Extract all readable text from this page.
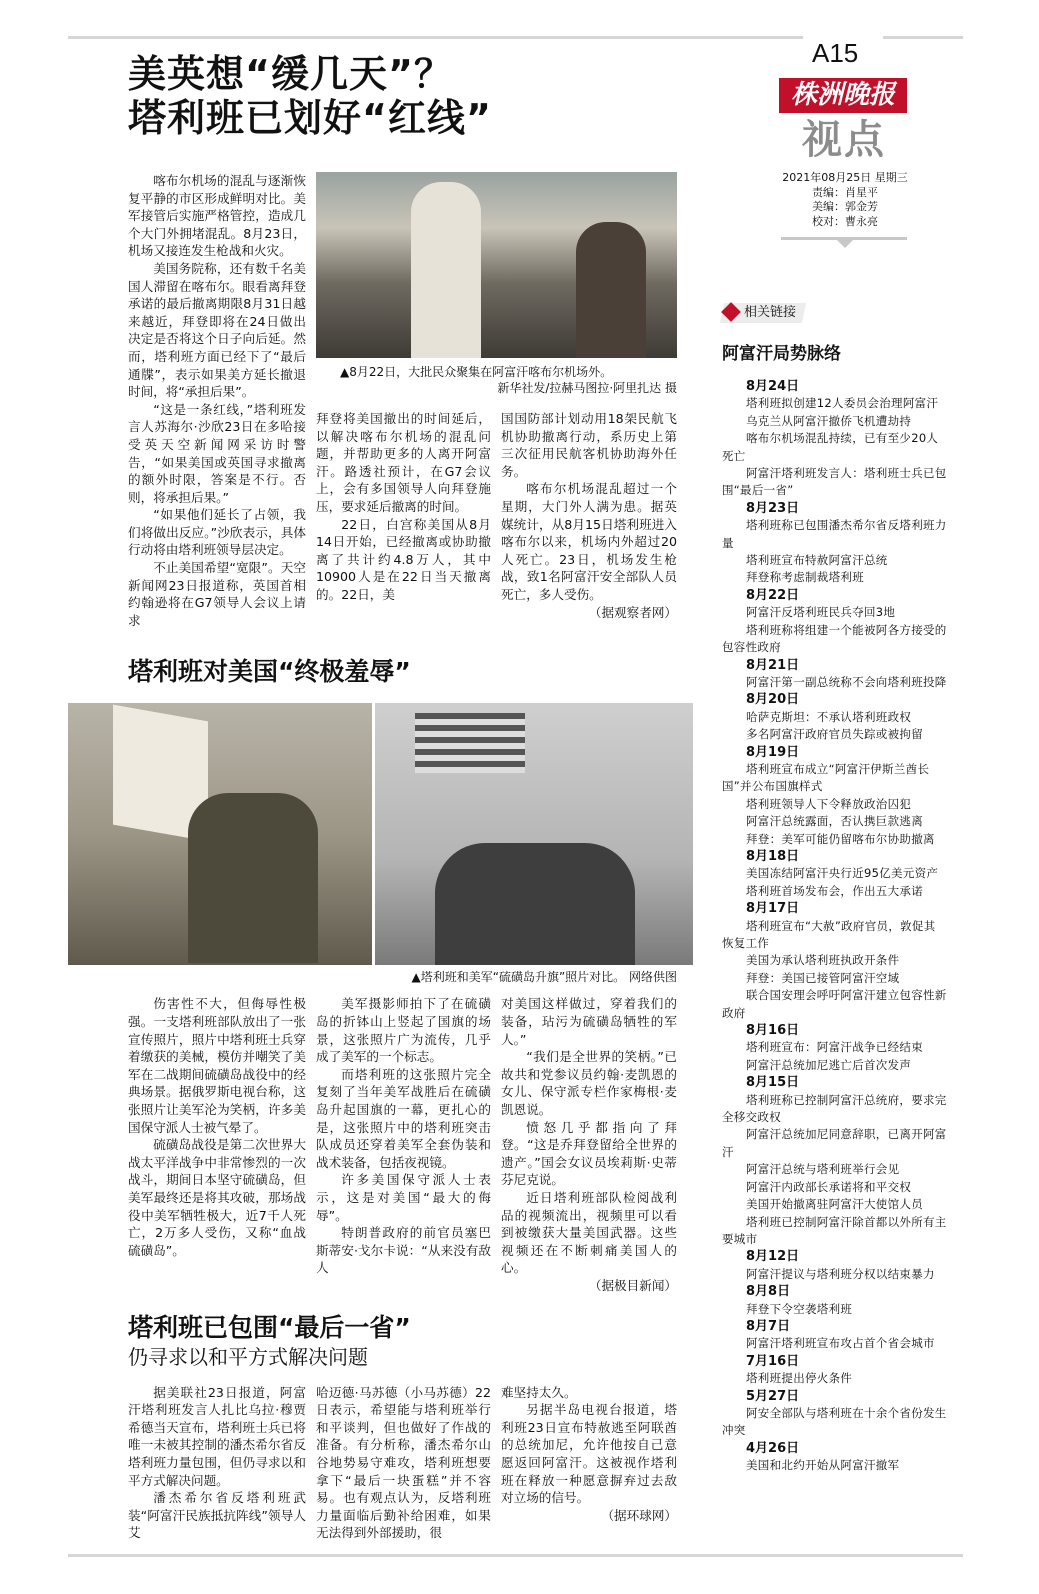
A15
株洲晚报
视点
2021年08月25日 星期三
责编：肖星平
美编：郭金芳
校对：曹永亮
美英想“缓几天”？
塔利班已划好“红线”

喀布尔机场的混乱与逐渐恢复平静的市区形成鲜明对比。美军接管后实施严格管控，造成几个大门外拥堵混乱。8月23日，机场又接连发生枪战和火灾。

美国务院称，还有数千名美国人滞留在喀布尔。眼看离拜登承诺的最后撤离期限8月31日越来越近，拜登即将在24日做出决定是否将这个日子向后延。然而，塔利班方面已经下了“最后通牒”，表示如果美方延长撤退时间，将“承担后果”。

“这是一条红线，”塔利班发言人苏海尔·沙欣23日在多哈接受英天空新闻网采访时警告，“如果美国或英国寻求撤离的额外时限，答案是不行。否则，将承担后果。”

“如果他们延长了占领，我们将做出反应。”沙欣表示，具体行动将由塔利班领导层决定。

不止美国希望“宽限”。天空新闻网23日报道称，英国首相约翰逊将在G7领导人会议上请求

▲8月22日，大批民众聚集在阿富汗喀布尔机场外。
新华社发/拉赫马图拉·阿里扎达 摄

拜登将美国撤出的时间延后，以解决喀布尔机场的混乱问题，并帮助更多的人离开阿富汗。路透社预计，在G7会议上，会有多国领导人向拜登施压，要求延后撤离的时间。

22日，白宫称美国从8月14日开始，已经撤离或协助撤离了共计约4.8万人，其中10900人是在22日当天撤离的。22日，美

国国防部计划动用18架民航飞机协助撤离行动，系历史上第三次征用民航客机协助海外任务。

喀布尔机场混乱超过一个星期，大门外人满为患。据英媒统计，从8月15日塔利班进入喀布尔以来，机场内外超过20人死亡。23日，机场发生枪战，致1名阿富汗安全部队人员死亡，多人受伤。

（据观察者网）

塔利班对美国“终极羞辱”
▲塔利班和美军“硫磺岛升旗”照片对比。 网络供图

伤害性不大，但侮辱性极强。一支塔利班部队放出了一张宣传照片，照片中塔利班士兵穿着缴获的美械，模仿并嘲笑了美军在二战期间硫磺岛战役中的经典场景。据俄罗斯电视台称，这张照片让美军沦为笑柄，许多美国保守派人士被气晕了。

硫磺岛战役是第二次世界大战太平洋战争中非常惨烈的一次战斗，期间日本坚守硫磺岛，但美军最终还是将其攻破，那场战役中美军牺牲极大，近7千人死亡，2万多人受伤，又称“血战硫磺岛”。

美军摄影师拍下了在硫磺岛的折钵山上竖起了国旗的场景，这张照片广为流传，几乎成了美军的一个标志。

而塔利班的这张照片完全复刻了当年美军战胜后在硫磺岛升起国旗的一幕，更扎心的是，这张照片中的塔利班突击队成员还穿着美军全套伪装和战术装备，包括夜视镜。

许多美国保守派人士表示，这是对美国“最大的侮辱”。

特朗普政府的前官员塞巴斯蒂安·戈尔卡说：“从来没有敌人

对美国这样做过，穿着我们的装备，玷污为硫磺岛牺牲的军人。”

“我们是全世界的笑柄。”已故共和党参议员约翰·麦凯恩的女儿、保守派专栏作家梅根·麦凯恩说。

愤怒几乎都指向了拜登。“这是乔拜登留给全世界的遗产。”国会女议员埃莉斯·史蒂芬尼克说。

近日塔利班部队检阅战利品的视频流出，视频里可以看到被缴获大量美国武器。这些视频还在不断刺痛美国人的心。

（据极目新闻）

塔利班已包围“最后一省”
仍寻求以和平方式解决问题

据美联社23日报道，阿富汗塔利班发言人扎比乌拉·穆贾希德当天宣布，塔利班士兵已将唯一未被其控制的潘杰希尔省反塔利班力量包围，但仍寻求以和平方式解决问题。

潘杰希尔省反塔利班武装“阿富汗民族抵抗阵线”领导人艾

哈迈德·马苏德（小马苏德）22日表示，希望能与塔利班举行和平谈判，但也做好了作战的准备。有分析称，潘杰希尔山谷地势易守难攻，塔利班想要拿下“最后一块蛋糕”并不容易。也有观点认为，反塔利班力量面临后勤补给困难，如果无法得到外部援助，很

难坚持太久。

另据半岛电视台报道，塔利班23日宣布特赦逃至阿联酋的总统加尼，允许他按自己意愿返回阿富汗。这被视作塔利班在释放一种愿意摒弃过去敌对立场的信号。

（据环球网）

相关链接
阿富汗局势脉络
8月24日
塔利班拟创建12人委员会治理阿富汗
乌克兰从阿富汗撤侨飞机遭劫持
喀布尔机场混乱持续，已有至少20人死亡
阿富汗塔利班发言人：塔利班士兵已包围“最后一省”
8月23日
塔利班称已包围潘杰希尔省反塔利班力量
塔利班宣布特赦阿富汗总统
拜登称考虑制裁塔利班
8月22日
阿富汗反塔利班民兵夺回3地
塔利班称将组建一个能被阿各方接受的包容性政府
8月21日
阿富汗第一副总统称不会向塔利班投降
8月20日
哈萨克斯坦：不承认塔利班政权
多名阿富汗政府官员失踪或被拘留
8月19日
塔利班宣布成立“阿富汗伊斯兰酋长国”并公布国旗样式
塔利班领导人下令释放政治囚犯
阿富汗总统露面，否认携巨款逃离
拜登：美军可能仍留喀布尔协助撤离
8月18日
美国冻结阿富汗央行近95亿美元资产
塔利班首场发布会，作出五大承诺
8月17日
塔利班宣布“大赦”政府官员，敦促其恢复工作
美国为承认塔利班执政开条件
拜登：美国已接管阿富汗空域
联合国安理会呼吁阿富汗建立包容性新政府
8月16日
塔利班宣布：阿富汗战争已经结束
阿富汗总统加尼逃亡后首次发声
8月15日
塔利班称已控制阿富汗总统府，要求完全移交政权
阿富汗总统加尼同意辞职，已离开阿富汗
阿富汗总统与塔利班举行会见
阿富汗内政部长承诺将和平交权
美国开始撤离驻阿富汗大使馆人员
塔利班已控制阿富汗除首都以外所有主要城市
8月12日
阿富汗提议与塔利班分权以结束暴力
8月8日
拜登下令空袭塔利班
8月7日
阿富汗塔利班宣布攻占首个省会城市
7月16日
塔利班提出停火条件
5月27日
阿安全部队与塔利班在十余个省份发生冲突
4月26日
美国和北约开始从阿富汗撤军
